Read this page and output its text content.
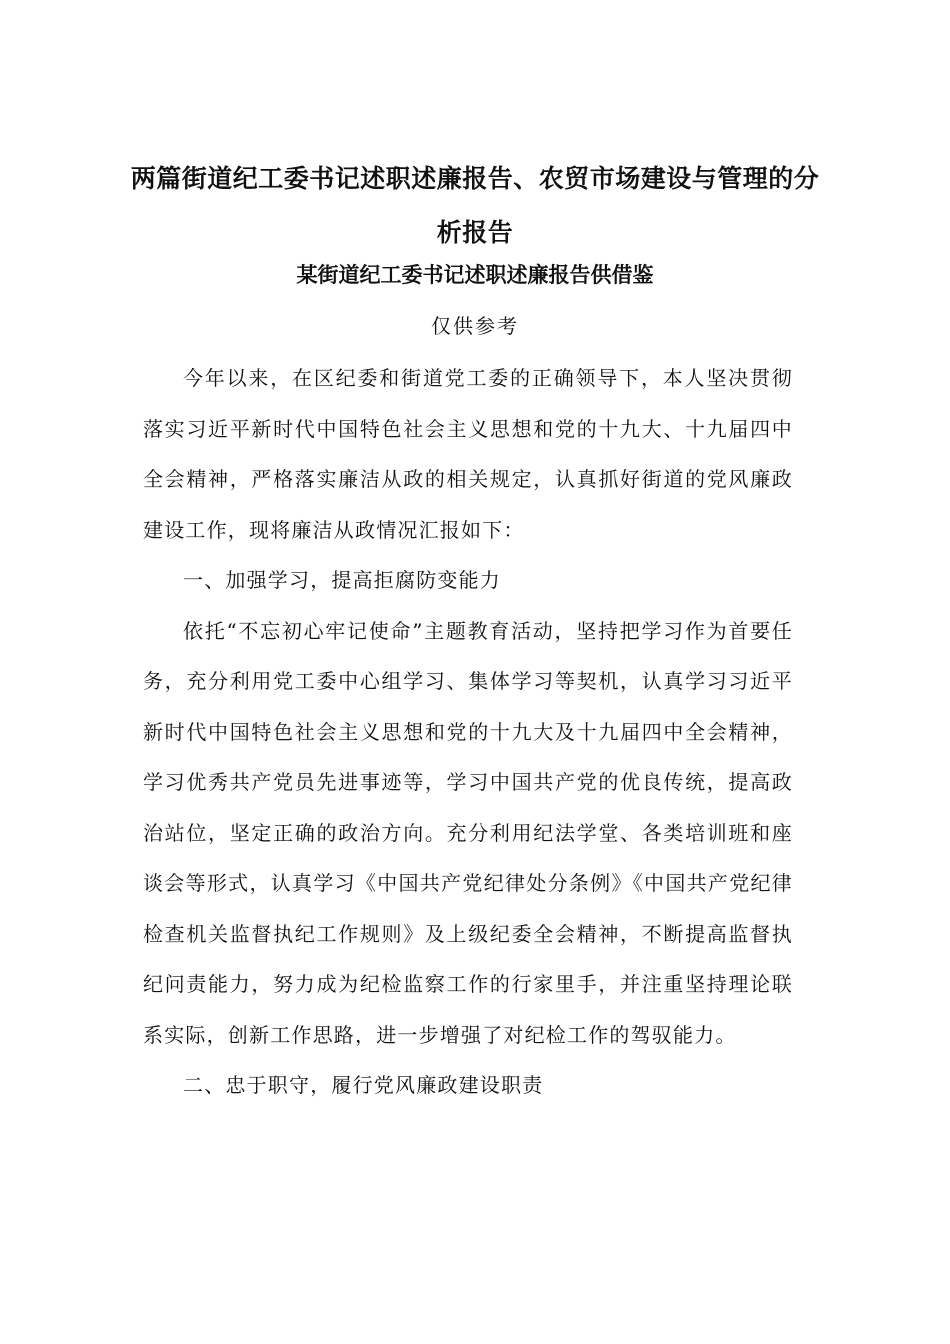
两篇街道纪工委书记述职述廉报告、农贸市场建设与管理的分析报告
某街道纪工委书记述职述廉报告供借鉴
仅供参考

今年以来，在区纪委和街道党工委的正确领导下，本人坚决贯彻落实习近平新时代中国特色社会主义思想和党的十九大、十九届四中全会精神，严格落实廉洁从政的相关规定，认真抓好街道的党风廉政建设工作，现将廉洁从政情况汇报如下：

一、加强学习，提高拒腐防变能力

依托“不忘初心牢记使命”主题教育活动，坚持把学习作为首要任务，充分利用党工委中心组学习、集体学习等契机，认真学习习近平新时代中国特色社会主义思想和党的十九大及十九届四中全会精神，学习优秀共产党员先进事迹等，学习中国共产党的优良传统，提高政治站位，坚定正确的政治方向。充分利用纪法学堂、各类培训班和座谈会等形式，认真学习《中国共产党纪律处分条例》《中国共产党纪律检查机关监督执纪工作规则》及上级纪委全会精神，不断提高监督执纪问责能力，努力成为纪检监察工作的行家里手，并注重坚持理论联系实际，创新工作思路，进一步增强了对纪检工作的驾驭能力。

二、忠于职守，履行党风廉政建设职责
